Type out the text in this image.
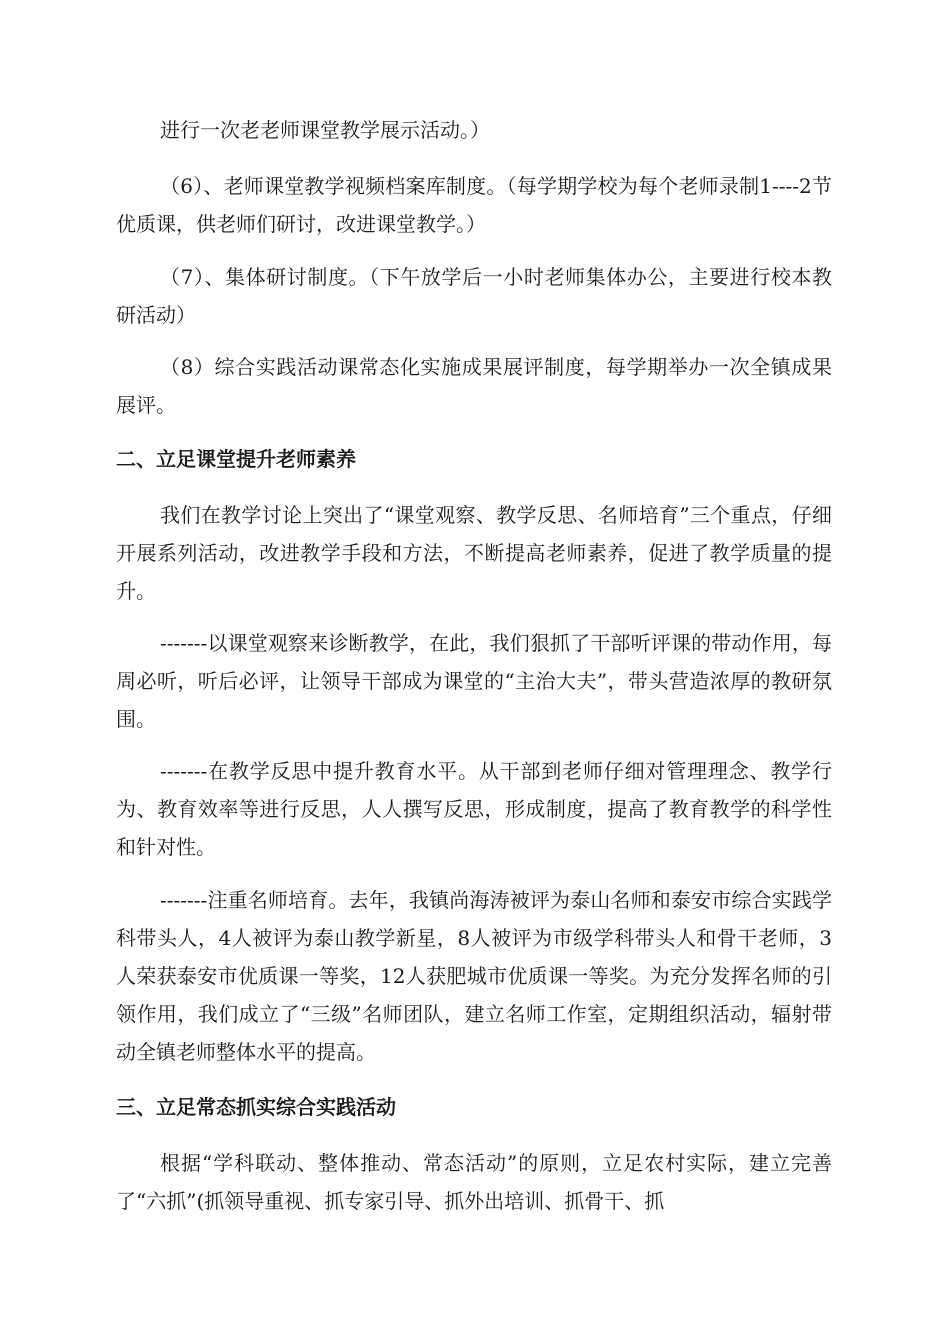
进行一次老老师课堂教学展示活动。）

（6）、老师课堂教学视频档案库制度。（每学期学校为每个老师录制1----2节优质课，供老师们研讨，改进课堂教学。）

（7）、集体研讨制度。（下午放学后一小时老师集体办公，主要进行校本教研活动）

（8）综合实践活动课常态化实施成果展评制度，每学期举办一次全镇成果展评。

二、立足课堂提升老师素养

我们在教学讨论上突出了“课堂观察、教学反思、名师培育”三个重点，仔细开展系列活动，改进教学手段和方法，不断提高老师素养，促进了教学质量的提升。

-------以课堂观察来诊断教学，在此，我们狠抓了干部听评课的带动作用，每周必听，听后必评，让领导干部成为课堂的“主治大夫”，带头营造浓厚的教研氛围。

-------在教学反思中提升教育水平。从干部到老师仔细对管理理念、教学行为、教育效率等进行反思，人人撰写反思，形成制度，提高了教育教学的科学性和针对性。

-------注重名师培育。去年，我镇尚海涛被评为泰山名师和泰安市综合实践学科带头人，4人被评为泰山教学新星，8人被评为市级学科带头人和骨干老师，3人荣获泰安市优质课一等奖，12人获肥城市优质课一等奖。为充分发挥名师的引领作用，我们成立了“三级”名师团队，建立名师工作室，定期组织活动，辐射带动全镇老师整体水平的提高。

三、立足常态抓实综合实践活动

根据“学科联动、整体推动、常态活动”的原则，立足农村实际，建立完善了“六抓”(抓领导重视、抓专家引导、抓外出培训、抓骨干、抓
